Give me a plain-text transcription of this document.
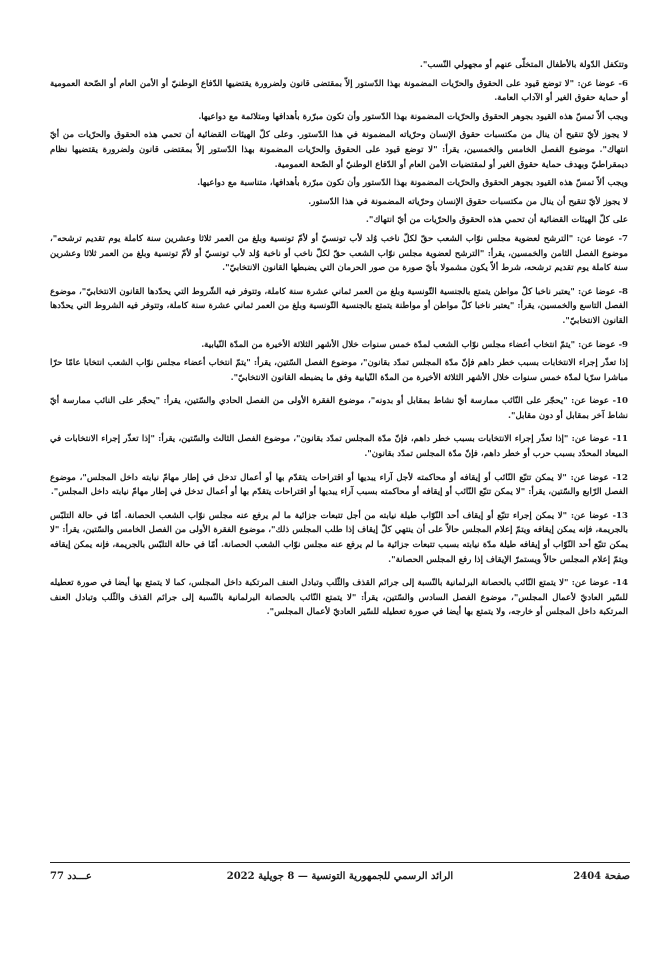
وتتكفل الدّولة بالأطفال المتخلّى عنهم أو مجهولي النّسب".

6- عوضا عن: "لا توضع قيود على الحقوق والحرّيات المضمونة بهذا الدّستور إلاّ بمقتضى قانون ولضرورة يقتضيها الدّفاع الوطنيّ أو الأمن العام أو الصّحة العمومية أو حماية حقوق الغير أو الآداب العامة.

ويجب ألاّ تمسّ هذه القيود بجوهر الحقوق والحرّيات المضمونة بهذا الدّستور وأن تكون مبرّرة بأهدافها ومتلائمة مع دواعيها.

لا يجوز لأيّ تنقيح أن ينال من مكتسبات حقوق الإنسان وحرّياته المضمونة في هذا الدّستور. وعلى كلّ الهيئات القضائية أن تحمي هذه الحقوق والحرّيات من أيّ انتهاك". موضوع الفصل الخامس والخمسين، يقرأ: "لا توضع قيود على الحقوق والحرّيات المضمونة بهذا الدّستور إلاّ بمقتضى قانون ولضرورة يقتضيها نظام ديمقراطيّ وبهدف حماية حقوق الغير أو لمقتضيات الأمن العام أو الدّفاع الوطنيّ أو الصّحة العمومية.

ويجب ألاّ تمسّ هذه القيود بجوهر الحقوق والحرّيات المضمونة بهذا الدّستور وأن تكون مبرّرة بأهدافها، متناسبة مع دواعيها.

لا يجوز لأيّ تنقيح أن ينال من مكتسبات حقوق الإنسان وحرّياته المضمونة في هذا الدّستور.

على كلّ الهيئات القضائية أن تحمي هذه الحقوق والحرّيات من أيّ انتهاك".

7- عوضا عن: "الترشح لعضوية مجلس نوّاب الشعب حقّ لكلّ ناخب وُلد لأب تونسيّ أو لأمّ تونسية وبلغ من العمر ثلاثا وعشرين سنة كاملة يوم تقديم ترشحه"، موضوع الفصل الثامن والخمسين، يقرأ: "الترشح لعضوية مجلس نوّاب الشعب حقّ لكلّ ناخب أو ناخبة وُلد لأب تونسيّ أو لأمّ تونسية وبلغ من العمر ثلاثا وعشرين سنة كاملة يوم تقديم ترشحه، شرط ألاّ يكون مشمولا بأيّ صورة من صور الحرمان التي يضبطها القانون الانتخابيّ".

8- عوضا عن: "يعتبر ناخبا كلّ مواطن يتمتع بالجنسية التّونسية وبلغ من العمر ثماني عشرة سنة كاملة، وتتوفر فيه الشّروط التي يحدّدها القانون الانتخابيّ"، موضوع الفصل التاسع والخمسين، يقرأ: "يعتبر ناخبا كلّ مواطن أو مواطنة يتمتع بالجنسية التّونسية وبلغ من العمر ثماني عشرة سنة كاملة، وتتوفر فيه الشروط التي يحدّدها القانون الانتخابيّ".

9- عوضا عن: "يتمّ انتخاب أعضاء مجلس نوّاب الشعب لمدّة خمس سنوات خلال الأشهر الثلاثة الأخيرة من المدّة النّيابية.

إذا تعذّر إجراء الانتخابات بسبب خطر داهم فإنّ مدّة المجلس تمدّد بقانون"، موضوع الفصل السّتين، يقرأ: "يتمّ انتخاب أعضاء مجلس نوّاب الشعب انتخابا عامّا حرّا مباشرا سرّيا لمدّة خمس سنوات خلال الأشهر الثلاثة الأخيرة من المدّة النّيابية وفق ما يضبطه القانون الانتخابيّ".

10- عوضا عن: "يحجّر على النّائب ممارسة أيّ نشاط بمقابل أو بدونه"، موضوع الفقرة الأولى من الفصل الحادي والسّتين، يقرأ: "يحجّر على النائب ممارسة أيّ نشاط آخر بمقابل أو دون مقابل".

11- عوضا عن: "إذا تعذّر إجراء الانتخابات بسبب خطر داهم، فإنّ مدّة المجلس تمدّد بقانون"، موضوع الفصل الثالث والسّتين، يقرأ: "إذا تعذّر إجراء الانتخابات في الميعاد المحدّد بسبب حرب أو خطر داهم، فإنّ مدّة المجلس تمدّد بقانون".

12- عوضا عن: "لا يمكن تتبّع النّائب أو إيقافه أو محاكمته لأجل آراء يبديها أو اقتراحات يتقدّم بها أو أعمال تدخل في إطار مهامّ نيابته داخل المجلس"، موضوع الفصل الرّابع والسّتين، يقرأ: "لا يمكن تتبّع النّائب أو إيقافه أو محاكمته بسبب آراء يبديها أو اقتراحات يتقدّم بها أو أعمال تدخل في إطار مهامّ نيابته داخل المجلس".

13- عوضا عن: "لا يمكن إجراء تتبّع أو إيقاف أحد النّوّاب طيلة نيابته من أجل تتبعات جزائية ما لم يرفع عنه مجلس نوّاب الشعب الحصانة. أمّا في حالة التلبّس بالجريمة، فإنه يمكن إيقافه ويتمّ إعلام المجلس حالاّ على أن ينتهي كلّ إيقاف إذا طلب المجلس ذلك"، موضوع الفقرة الأولى من الفصل الخامس والسّتين، يقرأ: "لا يمكن تتبّع أحد النّوّاب أو إيقافه طيلة مدّة نيابته بسبب تتبعات جزائية ما لم يرفع عنه مجلس نوّاب الشعب الحصانة. أمّا في حالة التلبّس بالجريمة، فإنه يمكن إيقافه ويتمّ إعلام المجلس حالاّ ويستمرّ الإيقاف إذا رفع المجلس الحصانة".

14- عوضا عن: "لا يتمتع النّائب بالحصانة البرلمانية بالنّسبة إلى جرائم القذف والثّلب وتبادل العنف المرتكبة داخل المجلس، كما لا يتمتع بها أيضا في صورة تعطيله للسّير العاديّ لأعمال المجلس"، موضوع الفصل السادس والسّتين، يقرأ: "لا يتمتع النّائب بالحصانة البرلمانية بالنّسبة إلى جرائم القذف والثّلب وتبادل العنف المرتكبة داخل المجلس أو خارجه، ولا يتمتع بها أيضا في صورة تعطيله للسّير العاديّ لأعمال المجلس".

صفحة 2404
الرائد الرسمي للجمهورية التونسية — 8 جويلية 2022
عـــدد 77
